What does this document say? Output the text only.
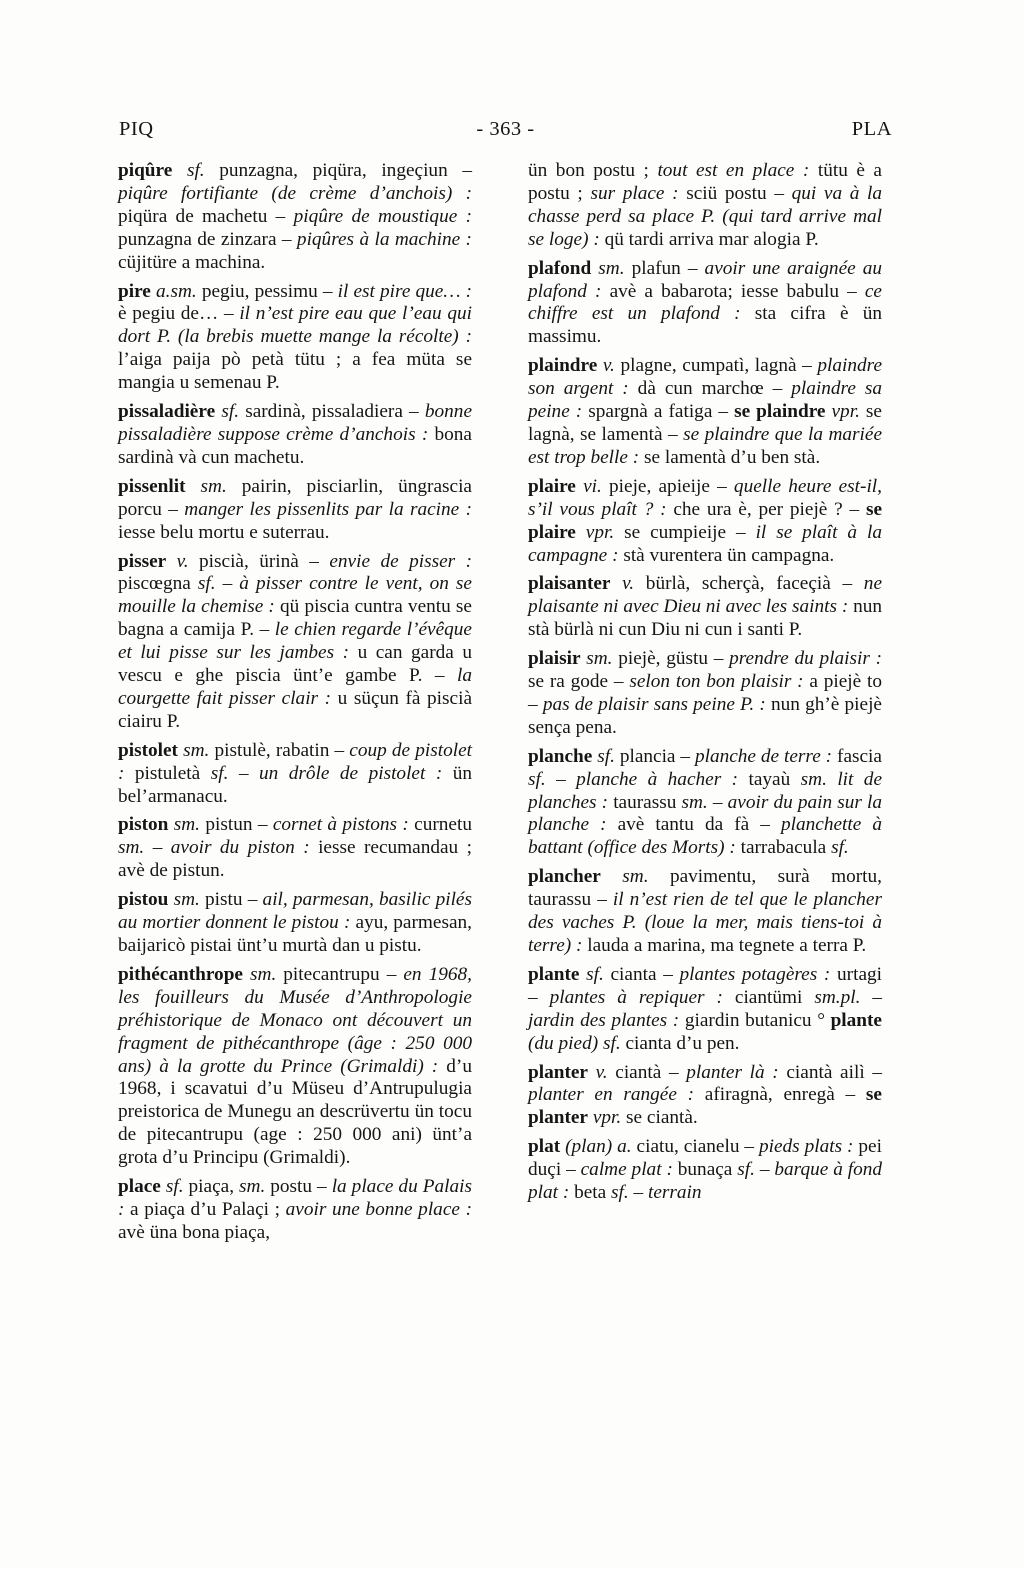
PIQ	- 363 -	PLA

piqûre sf. punzagna, piqüra, ingeçiun – piqûre fortifiante (de crème d’anchois) : piqüra de machetu – piqûre de moustique : punzagna de zinzara – piqûres à la machine : cüjitüre a machina.

pire a.sm. pegiu, pessimu – il est pire que… : è pegiu de… – il n’est pire eau que l’eau qui dort P. (la brebis muette mange la récolte) : l’aiga paija pò petà tütu ; a fea müta se mangia u semenau P.

pissaladière sf. sardinà, pissaladiera – bonne pissaladière suppose crème d’anchois : bona sardinà và cun machetu.

pissenlit sm. pairin, pisciarlin, üngrascia porcu – manger les pissenlits par la racine : iesse belu mortu e suterrau.

pisser v. piscià, ürinà – envie de pisser : piscœgna sf. – à pisser contre le vent, on se mouille la chemise : qü piscia cuntra ventu se bagna a camija P. – le chien regarde l’évêque et lui pisse sur les jambes : u can garda u vescu e ghe piscia ünt’e gambe P. – la courgette fait pisser clair : u süçun fà piscià ciairu P.

pistolet sm. pistulè, rabatin – coup de pistolet : pistuletà sf. – un drôle de pistolet : ün bel’armanacu.

piston sm. pistun – cornet à pistons : curnetu sm. – avoir du piston : iesse recumandau ; avè de pistun.

pistou sm. pistu – ail, parmesan, basilic pilés au mortier donnent le pistou : ayu, parmesan, baijaricò pistai ünt’u murtà dan u pistu.

pithécanthrope sm. pitecantrupu – en 1968, les fouilleurs du Musée d’Anthropologie préhistorique de Monaco ont découvert un fragment de pithécanthrope (âge : 250 000 ans) à la grotte du Prince (Grimaldi) : d’u 1968, i scavatui d’u Müseu d’Antrupulugia preistorica de Munegu an descrüvertu ün tocu de pitecantrupu (age : 250 000 ani) ünt’a grota d’u Principu (Grimaldi).

place sf. piaça, sm. postu – la place du Palais : a piaça d’u Palaçi ; avoir une bonne place : avè üna bona piaça,

ün bon postu ; tout est en place : tütu è a postu ; sur place : sciü postu – qui va à la chasse perd sa place P. (qui tard arrive mal se loge) : qü tardi arriva mar alogia P.

plafond sm. plafun – avoir une araignée au plafond : avè a babarota; iesse babulu – ce chiffre est un plafond : sta cifra è ün massimu.

plaindre v. plagne, cumpatì, lagnà – plaindre son argent : dà cun marchœ – plaindre sa peine : spargnà a fatiga – se plaindre vpr. se lagnà, se lamentà – se plaindre que la mariée est trop belle : se lamentà d’u ben stà.

plaire vi. pieje, apieije – quelle heure est-il, s’il vous plaît ? : che ura è, per piejè ? – se plaire vpr. se cumpieije – il se plaît à la campagne : stà vurentera ün campagna.

plaisanter v. bürlà, scherçà, faceçià – ne plaisante ni avec Dieu ni avec les saints : nun stà bürlà ni cun Diu ni cun i santi P.

plaisir sm. piejè, güstu – prendre du plaisir : se ra gode – selon ton bon plaisir : a piejè to – pas de plaisir sans peine P. : nun gh’è piejè sença pena.

planche sf. plancia – planche de terre : fascia sf. – planche à hacher : tayaù sm. lit de planches : taurassu sm. – avoir du pain sur la planche : avè tantu da fà – planchette à battant (office des Morts) : tarrabacula sf.

plancher sm. pavimentu, surà mortu, taurassu – il n’est rien de tel que le plancher des vaches P. (loue la mer, mais tiens-toi à terre) : lauda a marina, ma tegnete a terra P.

plante sf. cianta – plantes potagères : urtagi – plantes à repiquer : ciantümi sm.pl. – jardin des plantes : giardin butanicu ° plante (du pied) sf. cianta d’u pen.

planter v. ciantà – planter là : ciantà ailì – planter en rangée : afiragnà, enregà – se planter vpr. se ciantà.

plat (plan) a. ciatu, cianelu – pieds plats : pei duçi – calme plat : bunaça sf. – barque à fond plat : beta sf. – terrain
